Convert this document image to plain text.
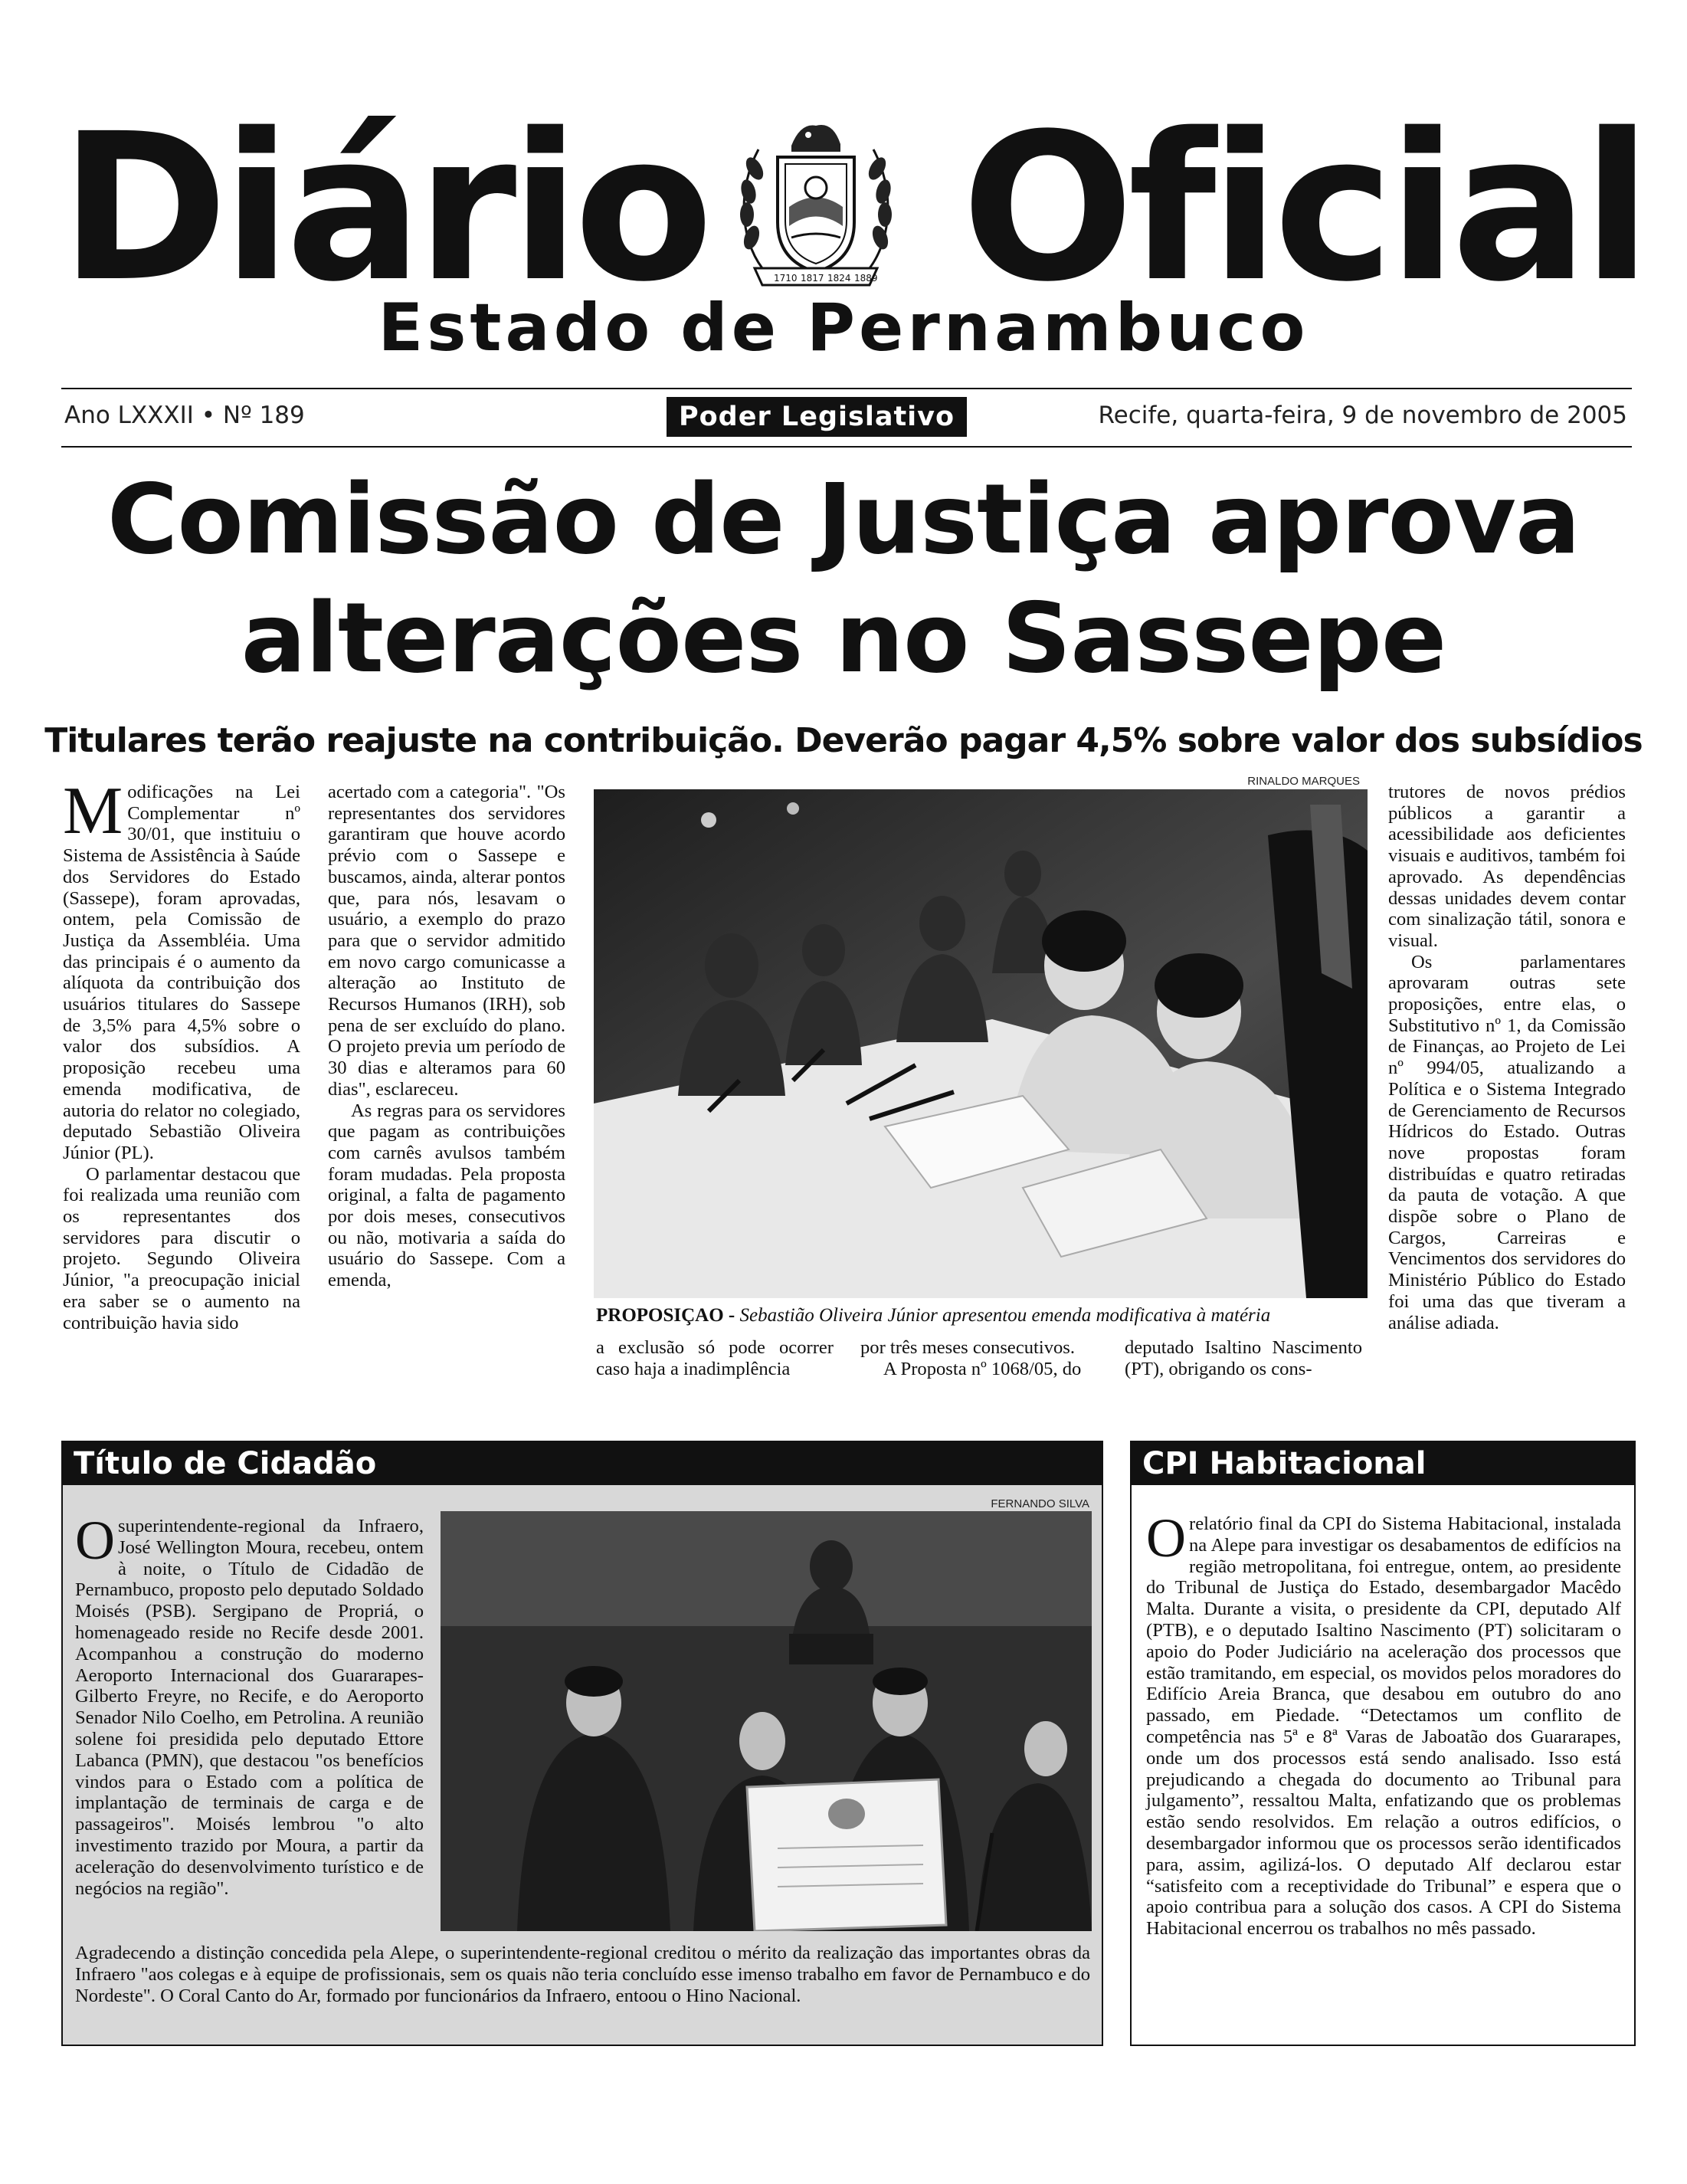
Diário Oficial
1710 1817 1824 1889
Estado de Pernambuco
Ano LXXXII • Nº 189	Poder Legislativo	Recife, quarta-feira, 9 de novembro de 2005
Comissão de Justiça aprova
alterações no Sassepe
Titulares terão reajuste na contribuição. Deverão pagar 4,5% sobre valor dos subsídios
M odificações na Lei Complementar nº 30/01, que instituiu o Sistema de Assistência à Saúde dos Servidores do Estado (Sassepe), foram aprovadas, ontem, pela Comissão de Justiça da Assembléia. Uma das principais é o aumento da alíquota da contribuição dos usuários titulares do Sassepe de 3,5% para 4,5% sobre o valor dos subsídios. A proposição recebeu uma emenda modificativa, de autoria do relator no colegiado, deputado Sebastião Oliveira Júnior (PL).

O parlamentar destacou que foi realizada uma reunião com os representantes dos servidores para discutir o projeto. Segundo Oliveira Júnior, "a preocupação inicial era saber se o aumento na contribuição havia sido

acertado com a categoria". "Os representantes dos servidores garantiram que houve acordo prévio com o Sassepe e buscamos, ainda, alterar pontos que, para nós, lesavam o usuário, a exemplo do prazo para que o servidor admitido em novo cargo comunicasse a alteração ao Instituto de Recursos Humanos (IRH), sob pena de ser excluído do plano. O projeto previa um período de 30 dias e alteramos para 60 dias", esclareceu.

As regras para os servidores que pagam as contribuições com carnês avulsos também foram mudadas. Pela proposta original, a falta de pagamento por dois meses, consecutivos ou não, motivaria a saída do usuário do Sassepe. Com a emenda,

RINALDO MARQUES
PROPOSIÇAO - Sebastião Oliveira Júnior apresentou emenda modificativa à matéria

a exclusão só pode ocorrer caso haja a inadimplência

por três meses consecutivos.

A Proposta nº 1068/05, do

deputado Isaltino Nascimento (PT), obrigando os cons-

trutores de novos prédios públicos a garantir a acessibilidade aos deficientes visuais e auditivos, também foi aprovado. As dependências dessas unidades devem contar com sinalização tátil, sonora e visual.

Os parlamentares aprovaram outras sete proposições, entre elas, o Substitutivo nº 1, da Comissão de Finanças, ao Projeto de Lei nº 994/05, atualizando a Política e o Sistema Integrado de Gerenciamento de Recursos Hídricos do Estado. Outras nove propostas foram distribuídas e quatro retiradas da pauta de votação. A que dispõe sobre o Plano de Cargos, Carreiras e Vencimentos dos servidores do Ministério Público do Estado foi uma das que tiveram a análise adiada.

Título de Cidadão
FERNANDO SILVA
O superintendente-regional da Infraero, José Wellington Moura, recebeu, ontem à noite, o Título de Cidadão de Pernambuco, proposto pelo deputado Soldado Moisés (PSB). Sergipano de Propriá, o homenageado reside no Recife desde 2001. Acompanhou a construção do moderno Aeroporto Internacional dos Guararapes-Gilberto Freyre, no Recife, e do Aeroporto Senador Nilo Coelho, em Petrolina. A reunião solene foi presidida pelo deputado Ettore Labanca (PMN), que destacou "os benefícios vindos para o Estado com a política de implantação de terminais de carga e de passageiros". Moisés lembrou "o alto investimento trazido por Moura, a partir da aceleração do desenvolvimento turístico e de negócios na região".
Agradecendo a distinção concedida pela Alepe, o superintendente-regional creditou o mérito da realização das importantes obras da Infraero "aos colegas e à equipe de profissionais, sem os quais não teria concluído esse imenso trabalho em favor de Pernambuco e do Nordeste". O Coral Canto do Ar, formado por funcionários da Infraero, entoou o Hino Nacional.
CPI Habitacional
O relatório final da CPI do Sistema Habitacional, instalada na Alepe para investigar os desabamentos de edifícios na região metropolitana, foi entregue, ontem, ao presidente do Tribunal de Justiça do Estado, desembargador Macêdo Malta. Durante a visita, o presidente da CPI, deputado Alf (PTB), e o deputado Isaltino Nascimento (PT) solicitaram o apoio do Poder Judiciário na aceleração dos processos que estão tramitando, em especial, os movidos pelos moradores do Edifício Areia Branca, que desabou em outubro do ano passado, em Piedade. “Detectamos um conflito de competência nas 5ª e 8ª Varas de Jaboatão dos Guararapes, onde um dos processos está sendo analisado. Isso está prejudicando a chegada do documento ao Tribunal para julgamento”, ressaltou Malta, enfatizando que os problemas estão sendo resolvidos. Em relação a outros edifícios, o desembargador informou que os processos serão identificados para, assim, agilizá-los. O deputado Alf declarou estar “satisfeito com a receptividade do Tribunal” e espera que o apoio contribua para a solução dos casos. A CPI do Sistema Habitacional encerrou os trabalhos no mês passado.
